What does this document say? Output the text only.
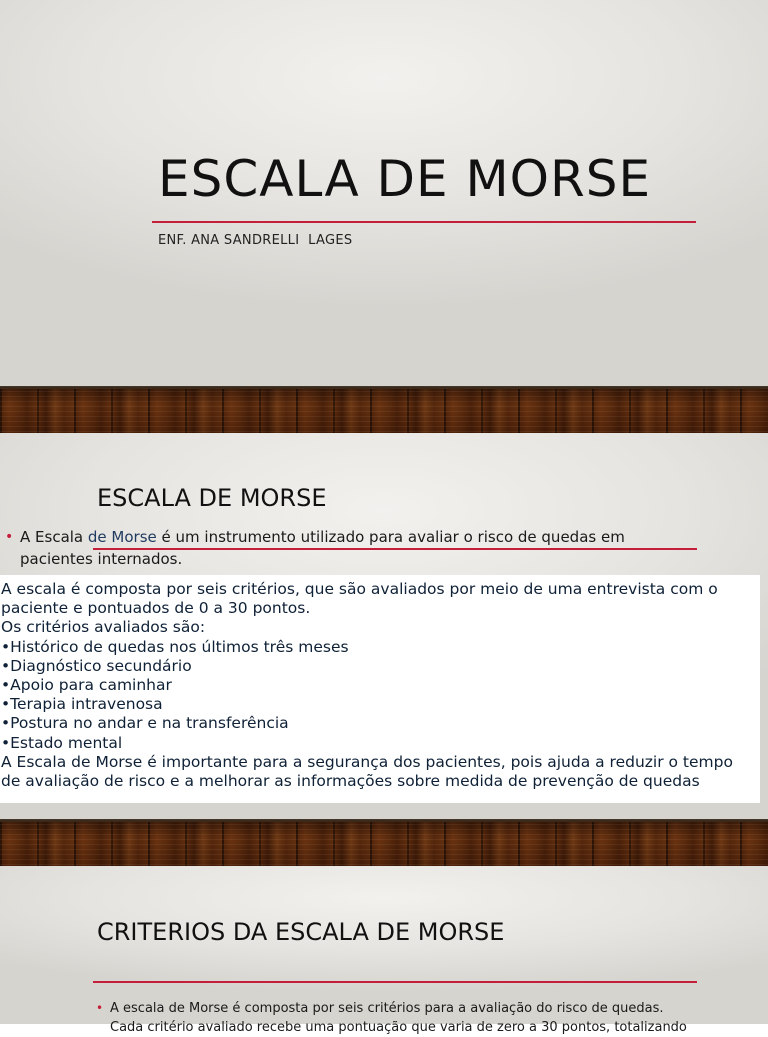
ESCALA DE MORSE
ENF. ANA SANDRELLI  LAGES
ESCALA DE MORSE
• A Escala de Morse é um instrumento utilizado para avaliar o risco de quedas em pacientes internados.
A escala é composta por seis critérios, que são avaliados por meio de uma entrevista com o
paciente e pontuados de 0 a 30 pontos.
Os critérios avaliados são:
•Histórico de quedas nos últimos três meses
•Diagnóstico secundário
•Apoio para caminhar
•Terapia intravenosa
•Postura no andar e na transferência
•Estado mental
A Escala de Morse é importante para a segurança dos pacientes, pois ajuda a reduzir o tempo
de avaliação de risco e a melhorar as informações sobre medida de prevenção de quedas
CRITERIOS DA ESCALA DE MORSE
• A escala de Morse é composta por seis critérios para a avaliação do risco de quedas.
Cada critério avaliado recebe uma pontuação que varia de zero a 30 pontos, totalizando
